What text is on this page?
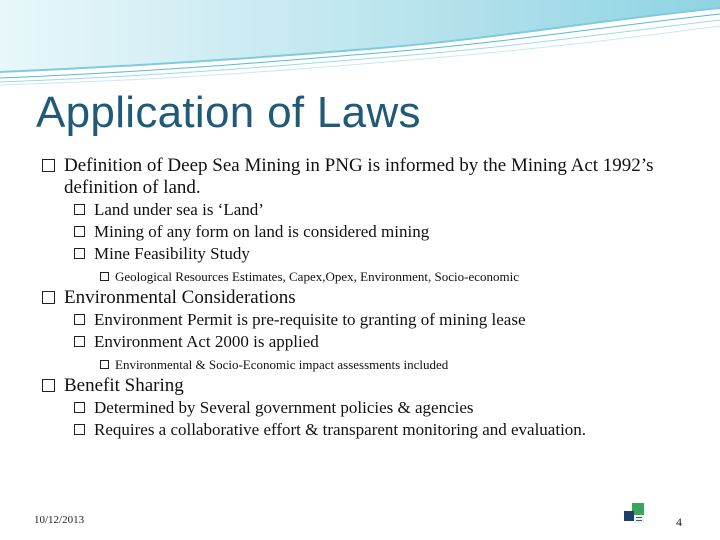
Application of Laws
Definition of Deep Sea Mining in PNG is informed by the Mining Act 1992’s definition of land.
Land under sea is ‘Land’
Mining of any form on land is considered mining
Mine Feasibility Study
Geological Resources Estimates, Capex,Opex, Environment, Socio-economic
Environmental Considerations
Environment Permit is pre-requisite to granting of mining lease
Environment Act 2000 is applied
Environmental & Socio-Economic impact assessments included
Benefit Sharing
Determined by Several government policies & agencies
Requires a collaborative effort & transparent monitoring and evaluation.
10/12/2013	4
